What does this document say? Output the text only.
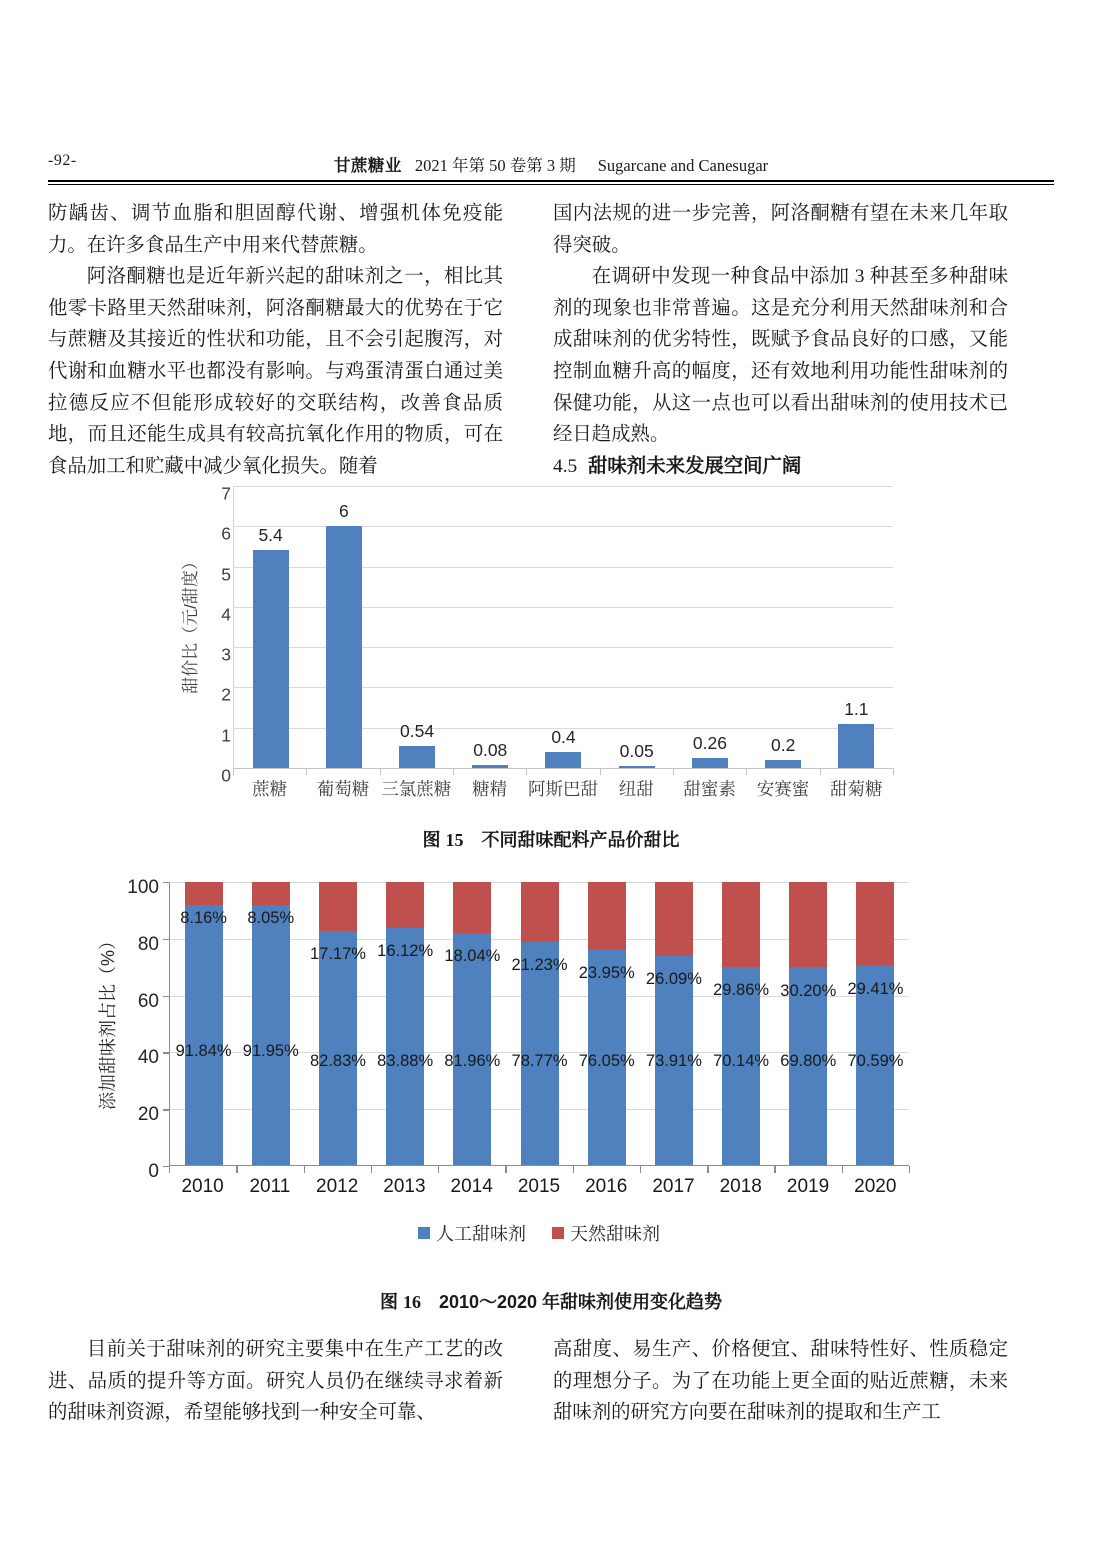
-92-	甘蔗糖业 2021 年第 50 卷第 3 期 Sugarcane and Canesugar

防龋齿、调节血脂和胆固醇代谢、增强机体免疫能力。在许多食品生产中用来代替蔗糖。

阿洛酮糖也是近年新兴起的甜味剂之一，相比其他零卡路里天然甜味剂，阿洛酮糖最大的优势在于它与蔗糖及其接近的性状和功能，且不会引起腹泻，对代谢和血糖水平也都没有影响。与鸡蛋清蛋白通过美拉德反应不但能形成较好的交联结构，改善食品质地，而且还能生成具有较高抗氧化作用的物质，可在食品加工和贮藏中减少氧化损失。随着

国内法规的进一步完善，阿洛酮糖有望在未来几年取得突破。

在调研中发现一种食品中添加 3 种甚至多种甜味剂的现象也非常普遍。这是充分利用天然甜味剂和合成甜味剂的优劣特性，既赋予食品良好的口感，又能控制血糖升高的幅度，还有效地利用功能性甜味剂的保健功能，从这一点也可以看出甜味剂的使用技术已经日趋成熟。

4.5 甜味剂未来发展空间广阔

甜价比（元/甜度）
0
1
2
3
4
5
6
7
5.4
6
0.54
0.08
0.4
0.05	0.26	0.2
1.1
蔗糖	葡萄糖 三氯蔗糖	糖精	阿斯巴甜	纽甜	甜蜜素	安赛蜜	甜菊糖
图 15 不同甜味配料产品价甜比
添加甜味剂占比（%）
0
20
40
60
80
100
8.16%
91.84%
8.05%
91.95%
17.17%
82.83%
16.12%
83.88%
18.04%
81.96%
21.23%
78.77%
23.95%
76.05%
26.09%
73.91%
29.86%
70.14%
30.20%
69.80%
29.41%
70.59%
2010	2011	2012	2013	2014	2015	2016	2017	2018	2019	2020
人工甜味剂 天然甜味剂
图 16 2010～2020 年甜味剂使用变化趋势

目前关于甜味剂的研究主要集中在生产工艺的改进、品质的提升等方面。研究人员仍在继续寻求着新的甜味剂资源，希望能够找到一种安全可靠、

高甜度、易生产、价格便宜、甜味特性好、性质稳定的理想分子。为了在功能上更全面的贴近蔗糖，未来甜味剂的研究方向要在甜味剂的提取和生产工
